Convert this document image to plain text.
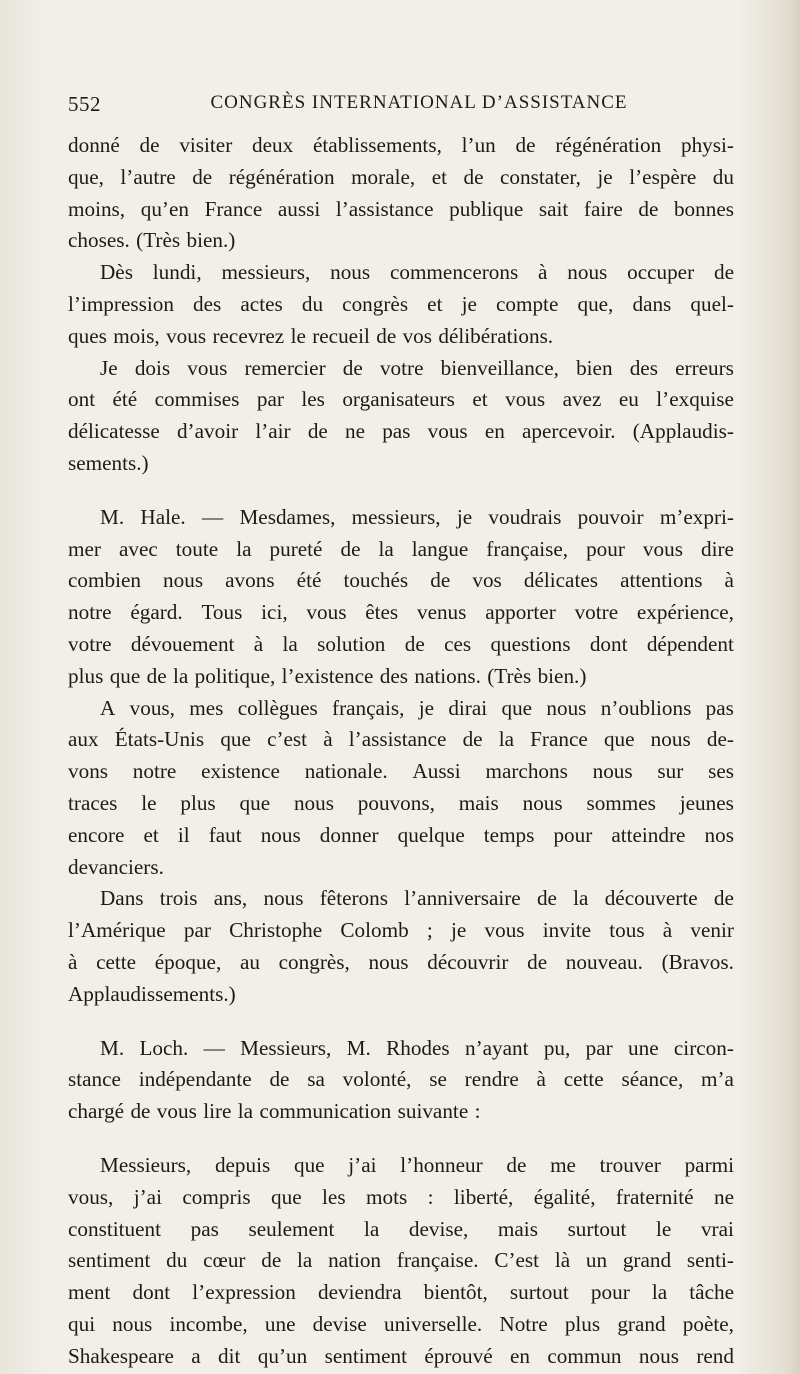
552	CONGRÈS INTERNATIONAL D’ASSISTANCE
donné de visiter deux établissements, l’un de régénération physi-
que, l’autre de régénération morale, et de constater, je l’espère du
moins, qu’en France aussi l’assistance publique sait faire de bonnes
choses. (Très bien.)
Dès lundi, messieurs, nous commencerons à nous occuper de
l’impression des actes du congrès et je compte que, dans quel-
ques mois, vous recevrez le recueil de vos délibérations.
Je dois vous remercier de votre bienveillance, bien des erreurs
ont été commises par les organisateurs et vous avez eu l’exquise
délicatesse d’avoir l’air de ne pas vous en apercevoir. (Applaudis-
sements.)
M. Hale. — Mesdames, messieurs, je voudrais pouvoir m’expri-
mer avec toute la pureté de la langue française, pour vous dire
combien nous avons été touchés de vos délicates attentions à
notre égard. Tous ici, vous êtes venus apporter votre expérience,
votre dévouement à la solution de ces questions dont dépendent
plus que de la politique, l’existence des nations. (Très bien.)
A vous, mes collègues français, je dirai que nous n’oublions pas
aux États-Unis que c’est à l’assistance de la France que nous de-
vons notre existence nationale. Aussi marchons nous sur ses
traces le plus que nous pouvons, mais nous sommes jeunes
encore et il faut nous donner quelque temps pour atteindre nos
devanciers.
Dans trois ans, nous fêterons l’anniversaire de la découverte de
l’Amérique par Christophe Colomb ; je vous invite tous à venir
à cette époque, au congrès, nous découvrir de nouveau. (Bravos.
Applaudissements.)
M. Loch. — Messieurs, M. Rhodes n’ayant pu, par une circon-
stance indépendante de sa volonté, se rendre à cette séance, m’a
chargé de vous lire la communication suivante :
Messieurs, depuis que j’ai l’honneur de me trouver parmi
vous, j’ai compris que les mots : liberté, égalité, fraternité ne
constituent pas seulement la devise, mais surtout le vrai
sentiment du cœur de la nation française. C’est là un grand senti-
ment dont l’expression deviendra bientôt, surtout pour la tâche
qui nous incombe, une devise universelle. Notre plus grand poète,
Shakespeare a dit qu’un sentiment éprouvé en commun nous rend
